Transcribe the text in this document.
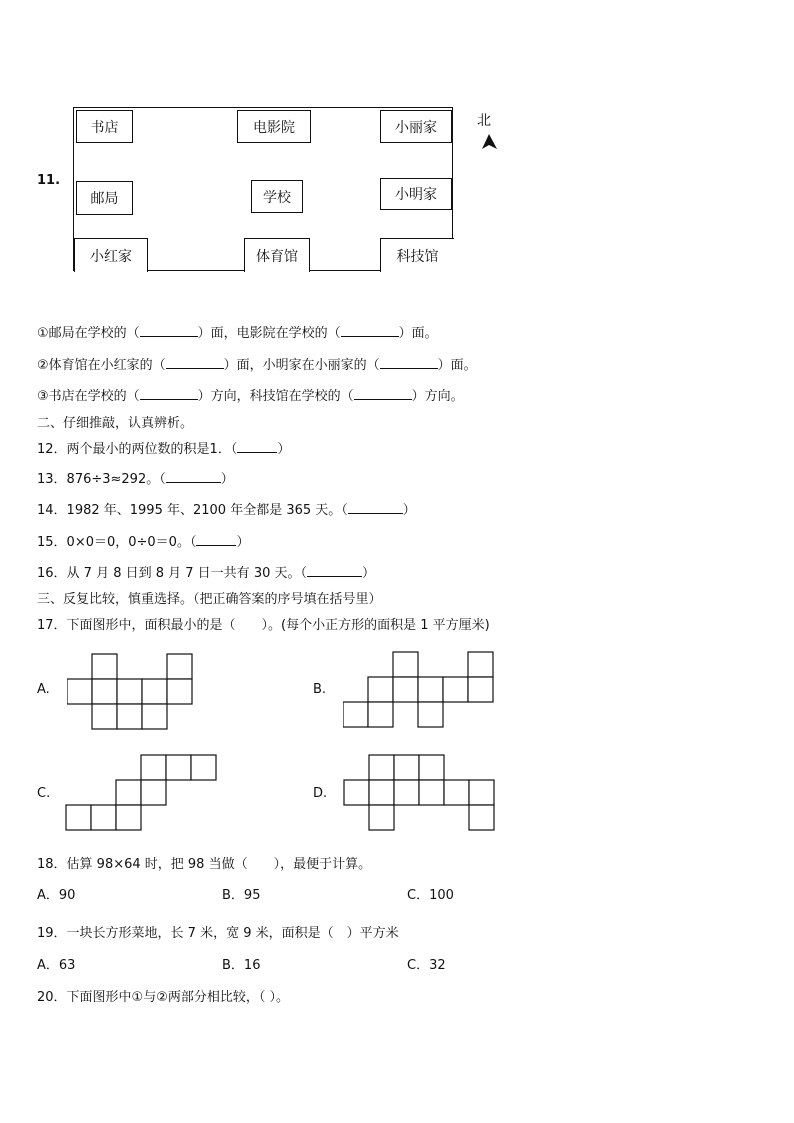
11.
书店	电影院	小丽家
邮局	学校	小明家
小红家	体育馆	科技馆
北
①邮局在学校的（	）面，电影院在学校的（	）面。
②体育馆在小红家的（	）面，小明家在小丽家的（	）面。
③书店在学校的（	）方向，科技馆在学校的（	）方向。
二、仔细推敲，认真辨析。
12．两个最小的两位数的积是1．（	）
13．876÷3≈292。（	）
14．1982 年、1995 年、2100 年全都是 365 天。（	）
15．0×0＝0，0÷0＝0。（	）
16．从 7 月 8 日到 8 月 7 日一共有 30 天。（	）
三、反复比较，慎重选择。（把正确答案的序号填在括号里）
17．下面图形中，面积最小的是（　　）。(每个小正方形的面积是 1 平方厘米)
A.	B.
C.	D.
18．估算 98×64 时，把 98 当做（　　），最便于计算。
A．90	B．95	C．100
19．一块长方形菜地，长 7 米，宽 9 米，面积是（　）平方米
A．63	B．16	C．32
20．下面图形中①与②两部分相比较，（ ）。
